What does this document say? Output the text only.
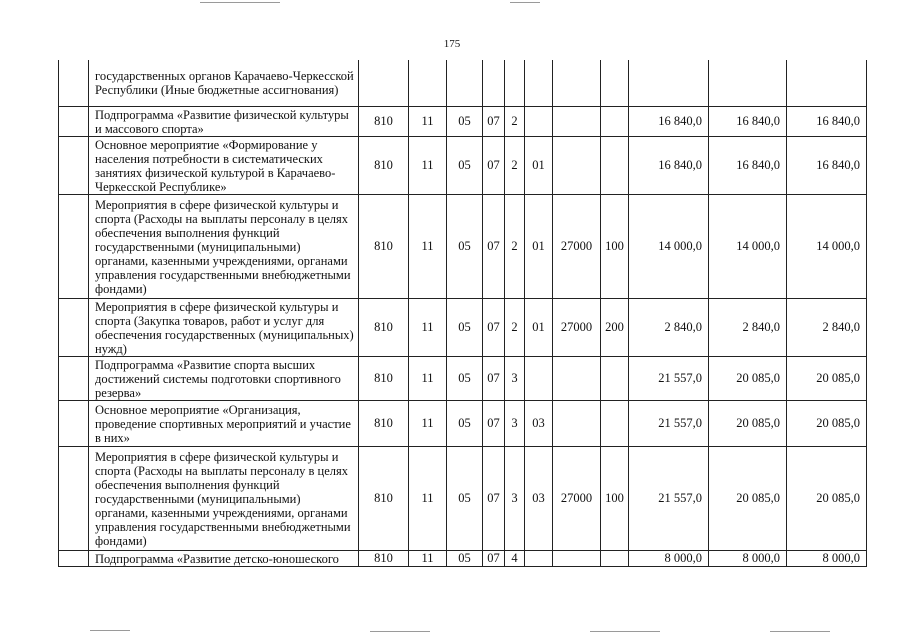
175
	государственных органов Карачаево-Черкесской Республики (Иные бюджетные ассигнования)											
	Подпрограмма «Развитие физической культуры и массового спорта»	810	11	05	07	2				16 840,0	16 840,0	16 840,0
	Основное мероприятие «Формирование у населения потребности в систематических занятиях физической культурой в Карачаево-Черкесской Республике»	810	11	05	07	2	01			16 840,0	16 840,0	16 840,0
	Мероприятия в сфере физической культуры и спорта (Расходы на выплаты персоналу в целях обеспечения выполнения функций государственными (муниципальными) органами, казенными учреждениями, органами управления государственными внебюджетными фондами)	810	11	05	07	2	01	27000	100	14 000,0	14 000,0	14 000,0
	Мероприятия в сфере физической культуры и спорта (Закупка товаров, работ и услуг для обеспечения государственных (муниципальных) нужд)	810	11	05	07	2	01	27000	200	2 840,0	2 840,0	2 840,0
	Подпрограмма «Развитие спорта высших достижений системы подготовки спортивного резерва»	810	11	05	07	3				21 557,0	20 085,0	20 085,0
	Основное мероприятие «Организация, проведение спортивных мероприятий и участие в них»	810	11	05	07	3	03			21 557,0	20 085,0	20 085,0
	Мероприятия в сфере физической культуры и спорта (Расходы на выплаты персоналу в целях обеспечения выполнения функций государственными (муниципальными) органами, казенными учреждениями, органами управления государственными внебюджетными фондами)	810	11	05	07	3	03	27000	100	21 557,0	20 085,0	20 085,0
	Подпрограмма «Развитие детско-юношеского	810	11	05	07	4				8 000,0	8 000,0	8 000,0
